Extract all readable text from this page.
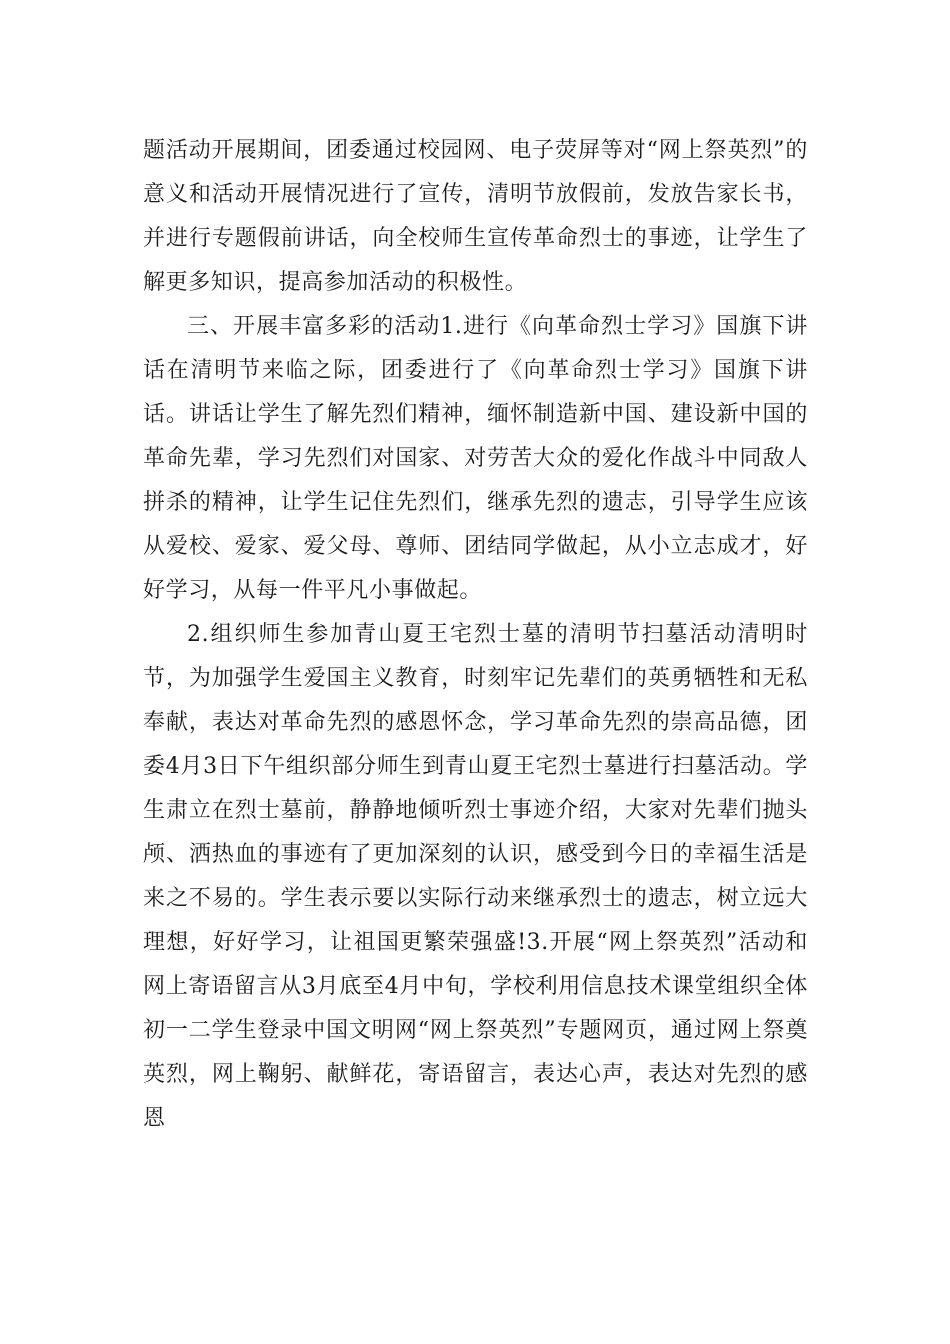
题活动开展期间，团委通过校园网、电子荧屏等对“网上祭英烈”的意义和活动开展情况进行了宣传，清明节放假前，发放告家长书，并进行专题假前讲话，向全校师生宣传革命烈士的事迹，让学生了解更多知识，提高参加活动的积极性。

三、开展丰富多彩的活动1.进行《向革命烈士学习》国旗下讲话在清明节来临之际，团委进行了《向革命烈士学习》国旗下讲话。讲话让学生了解先烈们精神，缅怀制造新中国、建设新中国的革命先辈，学习先烈们对国家、对劳苦大众的爱化作战斗中同敌人拼杀的精神，让学生记住先烈们，继承先烈的遗志，引导学生应该从爱校、爱家、爱父母、尊师、团结同学做起，从小立志成才，好好学习，从每一件平凡小事做起。

2.组织师生参加青山夏王宅烈士墓的清明节扫墓活动清明时节，为加强学生爱国主义教育，时刻牢记先辈们的英勇牺牲和无私奉献，表达对革命先烈的感恩怀念，学习革命先烈的崇高品德，团委4月3日下午组织部分师生到青山夏王宅烈士墓进行扫墓活动。学生肃立在烈士墓前，静静地倾听烈士事迹介绍，大家对先辈们抛头颅、洒热血的事迹有了更加深刻的认识，感受到今日的幸福生活是来之不易的。学生表示要以实际行动来继承烈士的遗志，树立远大理想，好好学习，让祖国更繁荣强盛!3.开展“网上祭英烈”活动和网上寄语留言从3月底至4月中旬，学校利用信息技术课堂组织全体初一二学生登录中国文明网“网上祭英烈”专题网页，通过网上祭奠英烈，网上鞠躬、献鲜花，寄语留言，表达心声，表达对先烈的感恩
